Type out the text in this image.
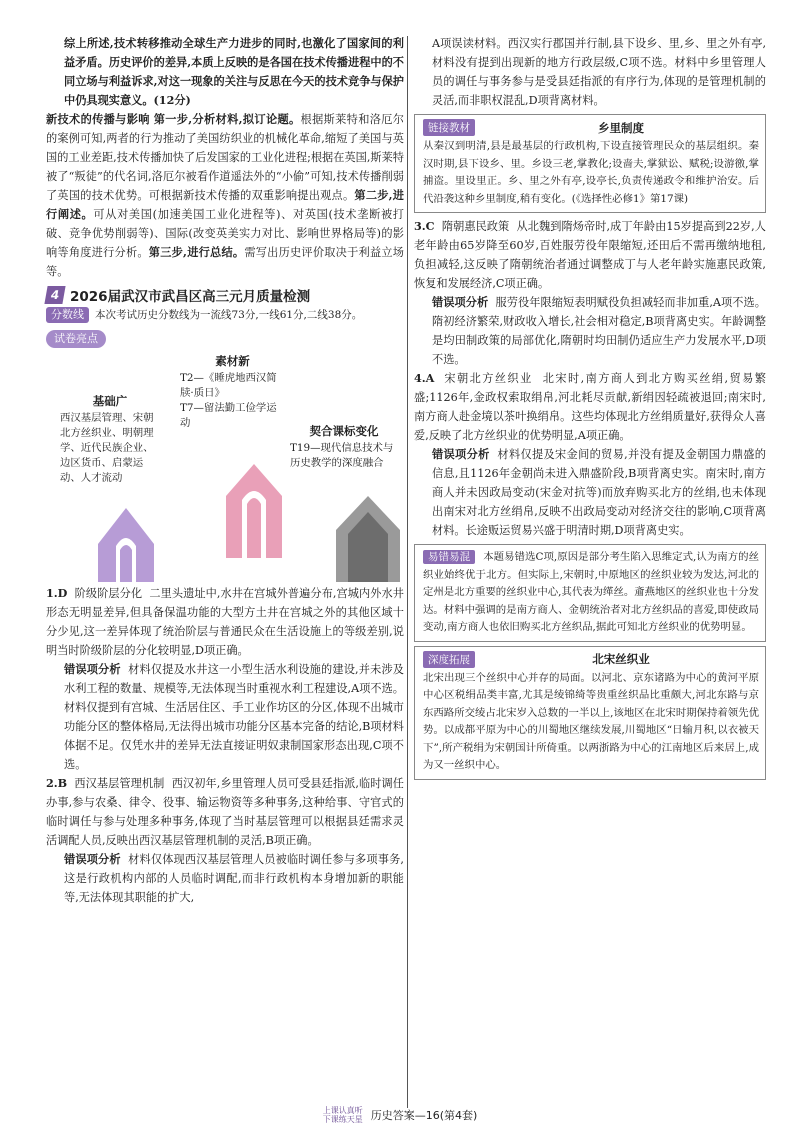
综上所述,技术转移推动全球生产力进步的同时,也激化了国家间的利益矛盾。历史评价的差异,本质上反映的是各国在技术传播进程中的不同立场与利益诉求,对这一现象的关注与反思在今天的技术竞争与保护中仍具现实意义。(12分)

新技术的传播与影响 第一步,分析材料,拟订论题。根据斯莱特和洛厄尔的案例可知,两者的行为推动了美国纺织业的机械化革命,缩短了美国与英国的工业差距,技术传播加快了后发国家的工业化进程;根据在英国,斯莱特被了“叛徒”的代名词,洛厄尔被看作道遥法外的“小偷”可知,技术传播削弱了英国的技术优势。可根据新技术传播的双重影响提出观点。第二步,进行阐述。可从对美国(加速美国工业化进程等)、对英国(技术垄断被打破、竞争优势削弱等)、国际(改变英美实力对比、影响世界格局等)的影响等角度进行分析。第三步,进行总结。需写出历史评价取决于利益立场等。

4 2026届武汉市武昌区高三元月质量检测

分数线 本次考试历史分数线为一流线73分,一线61分,二线38分。

试卷亮点
基础广
西汉基层管理、宋朝北方丝织业、明朝理学、近代民族企业、边区货币、启蒙运动、人才流动
素材新
T2—《睡虎地西汉简牍·质日》
T7—留法勤工俭学运动
契合课标变化
T19—现代信息技术与历史教学的深度融合

1.D 阶级阶层分化 二里头遗址中,水井在宫城外普遍分布,宫城内外水井形态无明显差异,但具备保温功能的大型方土井在宫城之外的其他区域十分少见,这一差异体现了统治阶层与普通民众在生活设施上的等级差别,说明当时阶级阶层的分化较明显,D项正确。

错误项分析 材料仅提及水井这一小型生活水利设施的建设,并未涉及水利工程的数量、规模等,无法体现当时重视水利工程建设,A项不选。材料仅提到有宫城、生活居住区、手工业作坊区的分区,体现不出城市功能分区的整体格局,无法得出城市功能分区基本完备的结论,B项材料体据不足。仅凭水井的差异无法直接证明奴隶制国家形态出现,C项不选。

2.B 西汉基层管理机制 西汉初年,乡里管理人员可受县廷指派,临时调任办事,参与农桑、律令、役事、输运物资等多种事务,这种给事、守官式的临时调任与参与处理多种事务,体现了当时基层管理可以根据县廷需求灵活调配人员,反映出西汉基层管理机制的灵活,B项正确。

错误项分析 材料仅体现西汉基层管理人员被临时调任参与多项事务,这是行政机构内部的人员临时调配,而非行政机构本身增加新的职能等,无法体现其职能的扩大,

A项误读材料。西汉实行郡国并行制,县下设乡、里,乡、里之外有亭,材料没有提到出现新的地方行政层级,C项不选。材料中乡里管理人员的调任与事务参与是受县廷指派的有序行为,体现的是管理机制的灵活,而非职权混乱,D项背离材料。

链接教材	乡里制度
从秦汉到明清,县是最基层的行政机构,下设直接管理民众的基层组织。秦汉时期,县下设乡、里。乡设三老,掌教化;设啬夫,掌狱讼、赋税;设游徼,掌捕盗。里设里正。乡、里之外有亭,设亭长,负责传递政令和维护治安。后代沿袭这种乡里制度,稍有变化。(《选择性必修1》第17课)

3.C 隋朝惠民政策 从北魏到隋炀帝时,成丁年龄由15岁提高到22岁,人老年龄由65岁降至60岁,百姓服劳役年限缩短,还田后不需再缴纳地租,负担减轻,这反映了隋朝统治者通过调整成丁与人老年龄实施惠民政策,恢复和发展经济,C项正确。

错误项分析 服劳役年限缩短表明赋役负担减轻而非加重,A项不选。隋初经济繁荣,财政收入增长,社会相对稳定,B项背离史实。年龄调整是均田制政策的局部优化,隋朝时均田制仍适应生产力发展水平,D项不选。

4.A 宋朝北方丝织业 北宋时,南方商人到北方购买丝绢,贸易繁盛;1126年,金政权索取绢帛,河北耗尽贡献,新绢因轻疏被退回;南宋时,南方商人赴金境以茶叶换绢帛。这些均体现北方丝绢质量好,获得众人喜爱,反映了北方丝织业的优势明显,A项正确。

错误项分析 材料仅提及宋金间的贸易,并没有提及金朝国力鼎盛的信息,且1126年金朝尚未进入鼎盛阶段,B项背离史实。南宋时,南方商人并未因政局变动(宋金对抗等)而放弃购买北方的丝绢,也未体现出南宋对北方丝绢帛,反映不出政局变动对经济交往的影响,C项背离材料。长途贩运贸易兴盛于明清时期,D项背离史实。

易错易混 本题易错选C项,原因是部分考生陷入思维定式,认为南方的丝织业始终优于北方。但实际上,宋朝时,中原地区的丝织业较为发达,河北的定州是北方重要的丝织业中心,其代表为缂丝。齑燕地区的丝织业也十分发达。材料中强调的是南方商人、金朝统治者对北方丝织品的喜爱,即使政局变动,南方商人也依旧购买北方丝织品,据此可知北方丝织业的优势明显。
深度拓展	北宋丝织业
北宋出现三个丝织中心并存的局面。以河北、京东诸路为中心的黄河平原中心区税绢品类丰富,尤其是绫锦绮等贵重丝织品比重颇大,河北东路与京东西路所交绫占北宋岁入总数的一半以上,该地区在北宋时期保持着领先优势。以成都平原为中心的川蜀地区继续发展,川蜀地区“日输月积,以衣被天下”,所产税绢为宋朝国计所倚重。以两浙路为中心的江南地区后来居上,成为又一丝织中心。
上课认真听
下课练天星 历史答案—16(第4套)
